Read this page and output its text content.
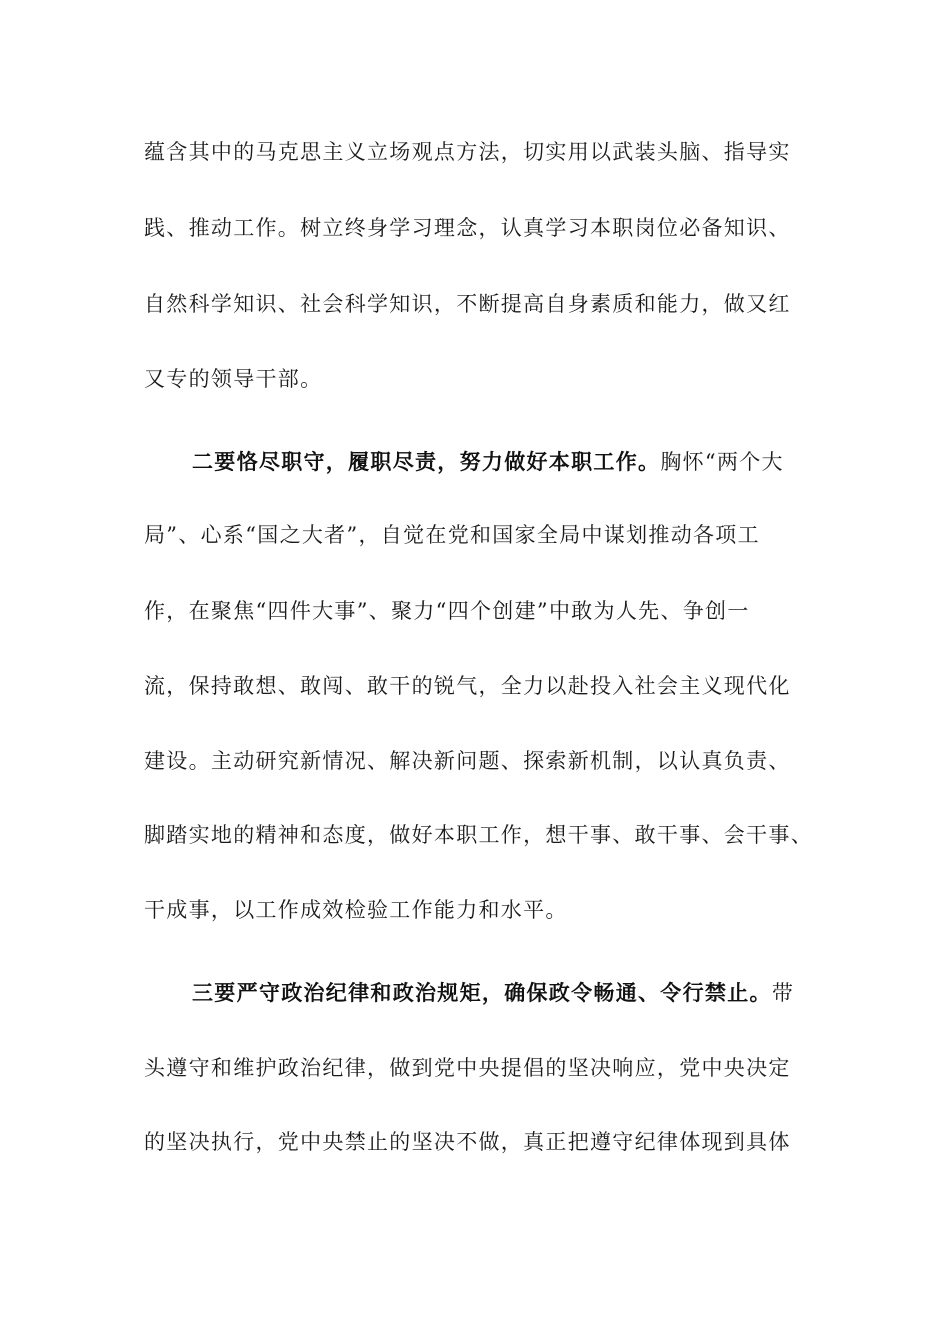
蕴含其中的马克思主义立场观点方法，切实用以武装头脑、指导实
践、推动工作。树立终身学习理念，认真学习本职岗位必备知识、
自然科学知识、社会科学知识，不断提高自身素质和能力，做又红
又专的领导干部。
二要恪尽职守，履职尽责，努力做好本职工作。胸怀“两个大
局”、心系“国之大者”，自觉在党和国家全局中谋划推动各项工
作，在聚焦“四件大事”、聚力“四个创建”中敢为人先、争创一
流，保持敢想、敢闯、敢干的锐气，全力以赴投入社会主义现代化
建设。主动研究新情况、解决新问题、探索新机制，以认真负责、
脚踏实地的精神和态度，做好本职工作，想干事、敢干事、会干事、
干成事，以工作成效检验工作能力和水平。
三要严守政治纪律和政治规矩，确保政令畅通、令行禁止。带
头遵守和维护政治纪律，做到党中央提倡的坚决响应，党中央决定
的坚决执行，党中央禁止的坚决不做，真正把遵守纪律体现到具体
